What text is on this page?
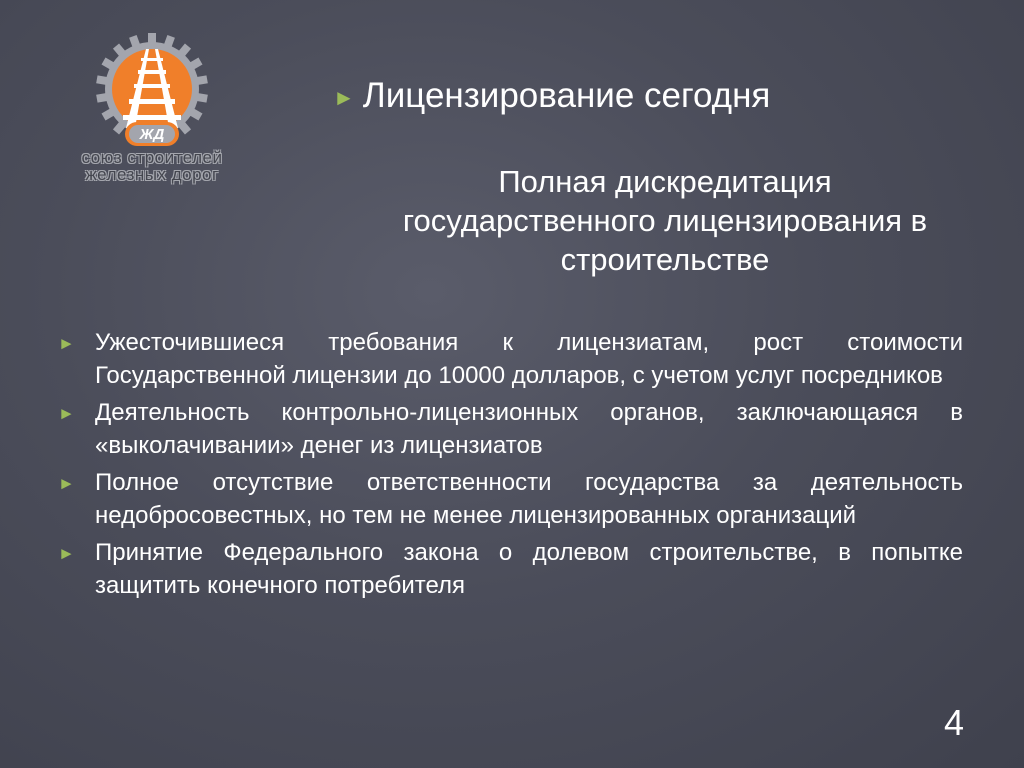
ЖД
союз строителей
железных дорог
► Лицензирование сегодня
Полная дискредитация
государственного лицензирования в
строительстве
► Ужесточившиеся требования к лицензиатам, рост стоимости Государственной лицензии до 10000 долларов, с учетом услуг посредников
► Деятельность контрольно-лицензионных органов, заключающаяся в «выколачивании» денег из лицензиатов
► Полное отсутствие ответственности государства за деятельность недобросовестных, но тем не менее лицензированных организаций
► Принятие Федерального закона о долевом строительстве, в попытке защитить конечного потребителя
4
